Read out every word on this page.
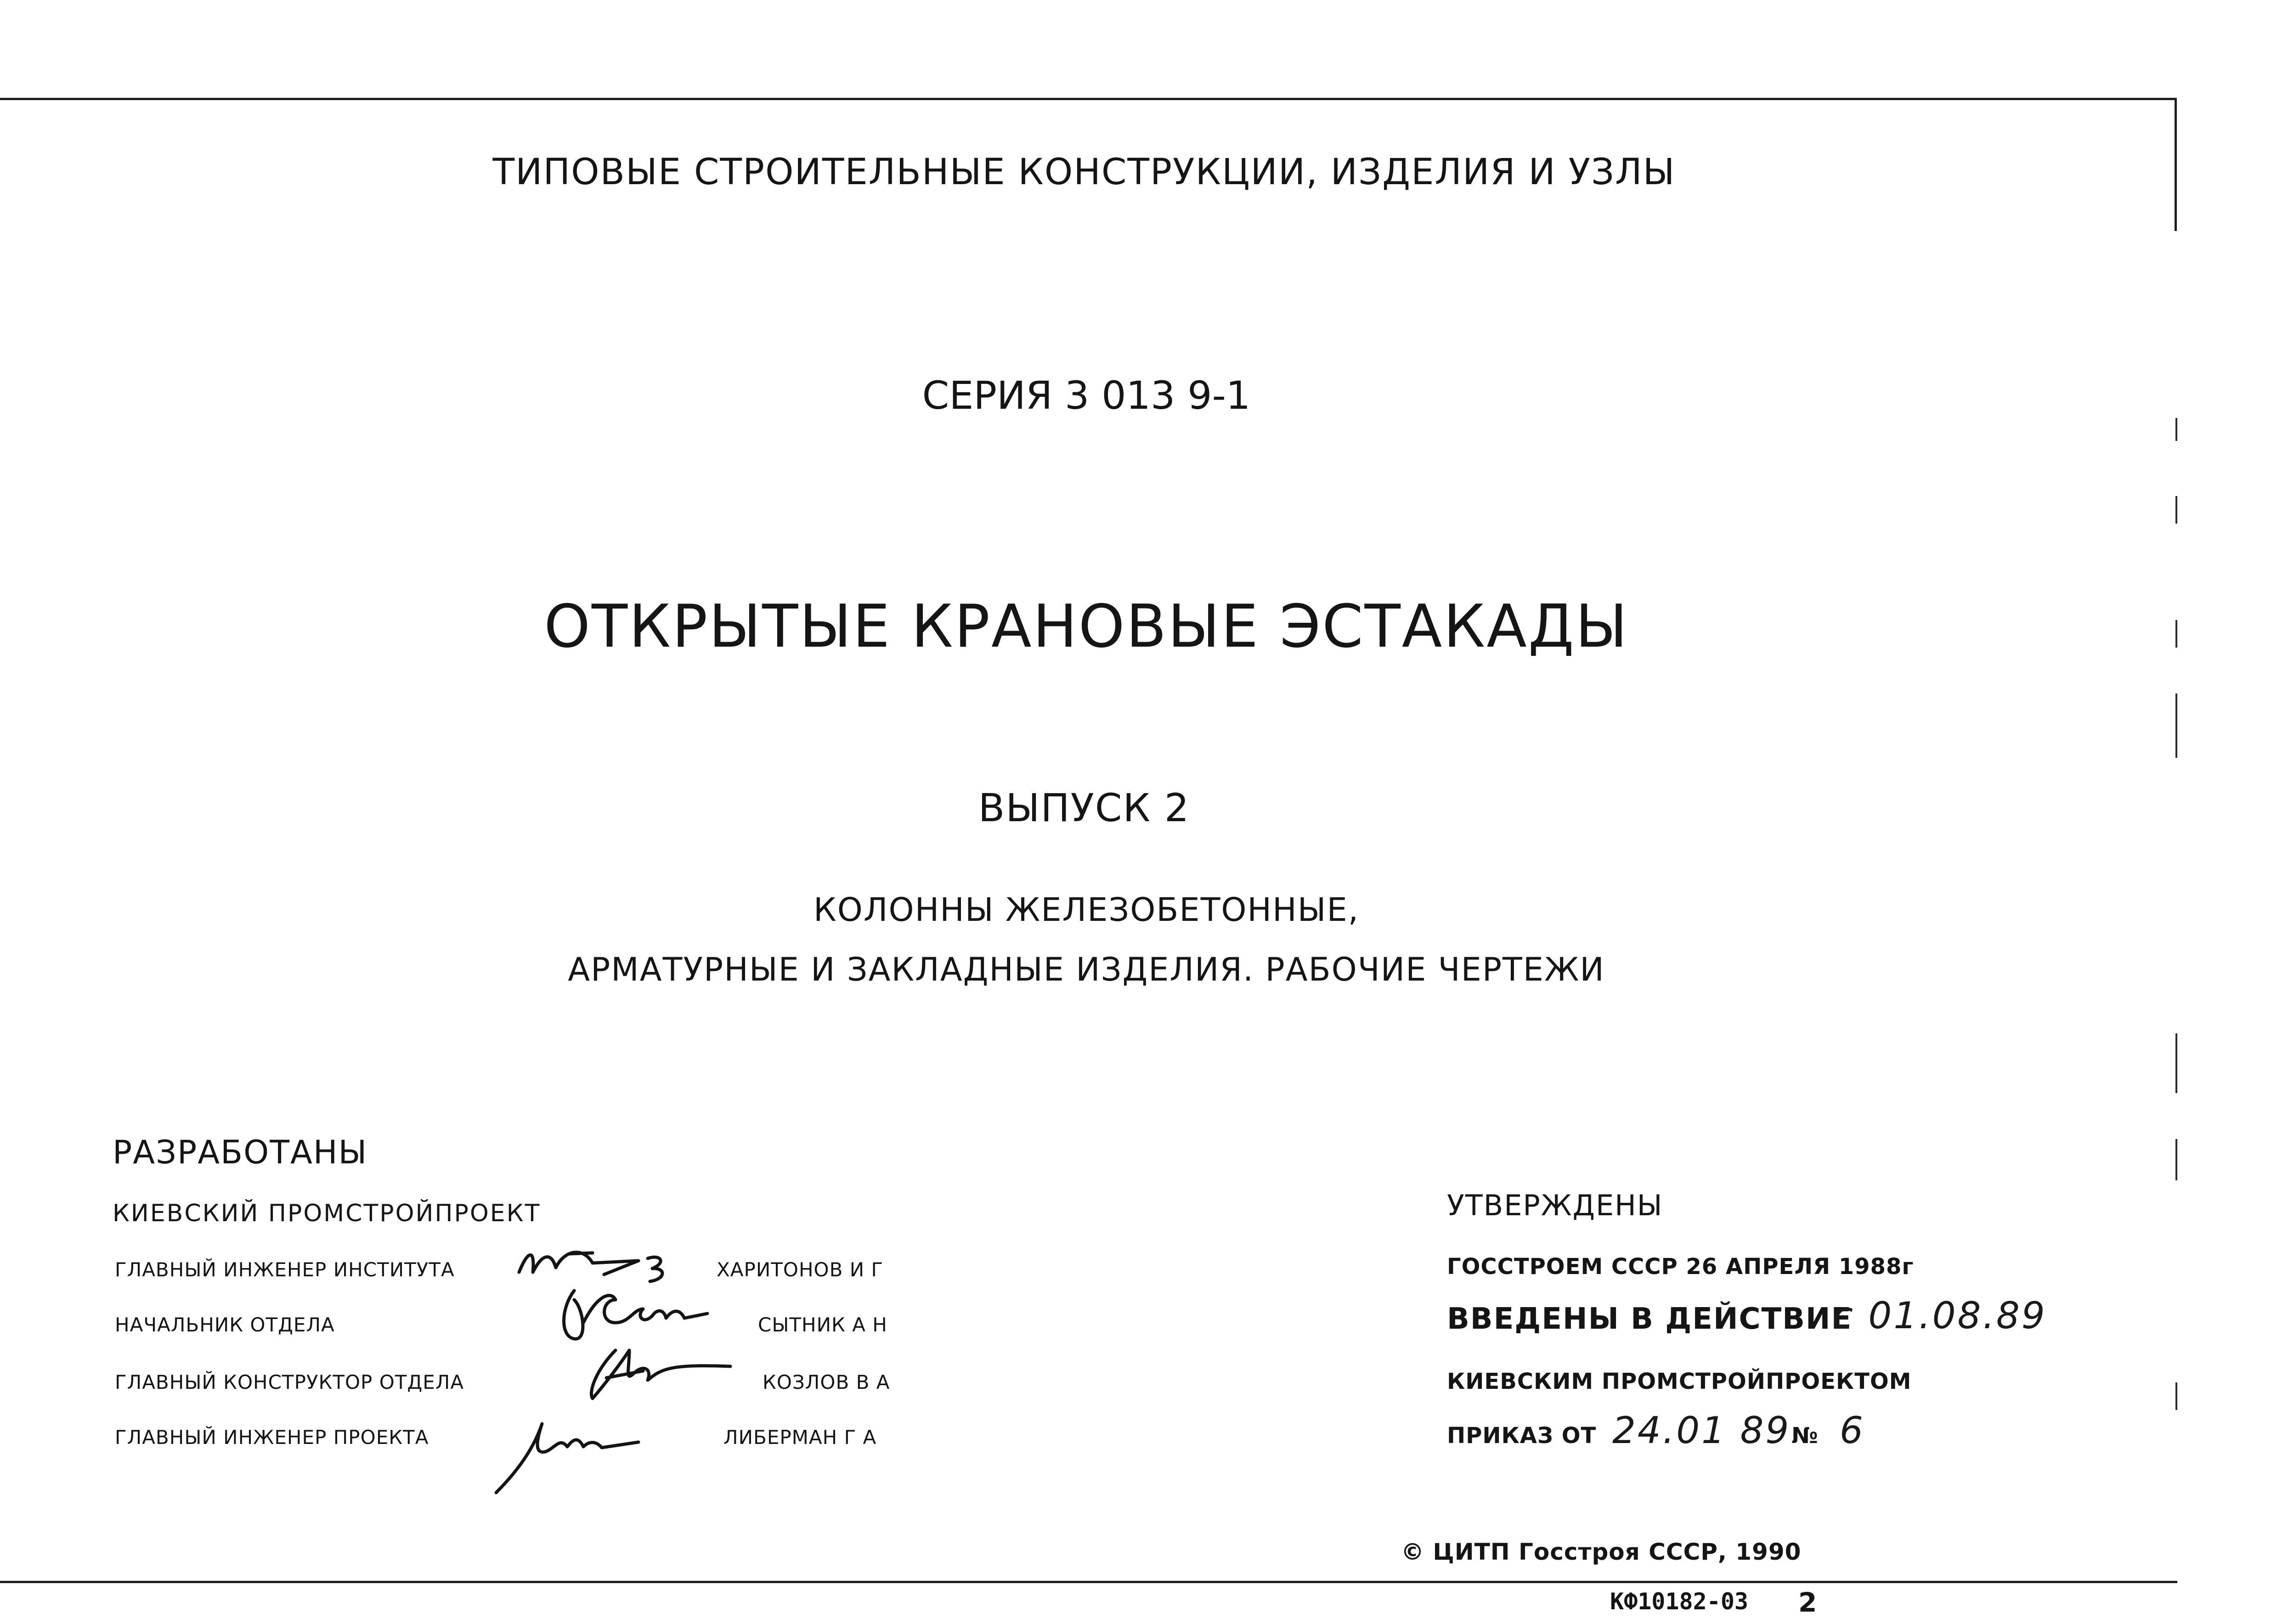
ТИПОВЫЕ СТРОИТЕЛЬНЫЕ КОНСТРУКЦИИ, ИЗДЕЛИЯ И УЗЛЫ
СЕРИЯ 3 013 9-1
ОТКРЫТЫЕ КРАНОВЫЕ ЭСТАКАДЫ
ВЫПУСК 2
КОЛОННЫ ЖЕЛЕЗОБЕТОННЫЕ,
АРМАТУРНЫЕ И ЗАКЛАДНЫЕ ИЗДЕЛИЯ. РАБОЧИЕ ЧЕРТЕЖИ
РАЗРАБОТАНЫ
КИЕВСКИЙ ПРОМСТРОЙПРОЕКТ
ГЛАВНЫЙ ИНЖЕНЕР ИНСТИТУТА	ХАРИТОНОВ И Г
НАЧАЛЬНИК ОТДЕЛА	СЫТНИК А Н
ГЛАВНЫЙ КОНСТРУКТОР ОТДЕЛА	КОЗЛОВ В А
ГЛАВНЫЙ ИНЖЕНЕР ПРОЕКТА	ЛИБЕРМАН Г А
УТВЕРЖДЕНЫ
ГОССТРОЕМ СССР 26 АПРЕЛЯ 1988г
ВВЕДЕНЫ В ДЕЙСТВИЕ
с 01.08.89
КИЕВСКИМ ПРОМСТРОЙПРОЕКТОМ
ПРИКАЗ ОТ 24.01 89 № 6
© ЦИТП Госстроя СССР, 1990
КФ10182-03 2
